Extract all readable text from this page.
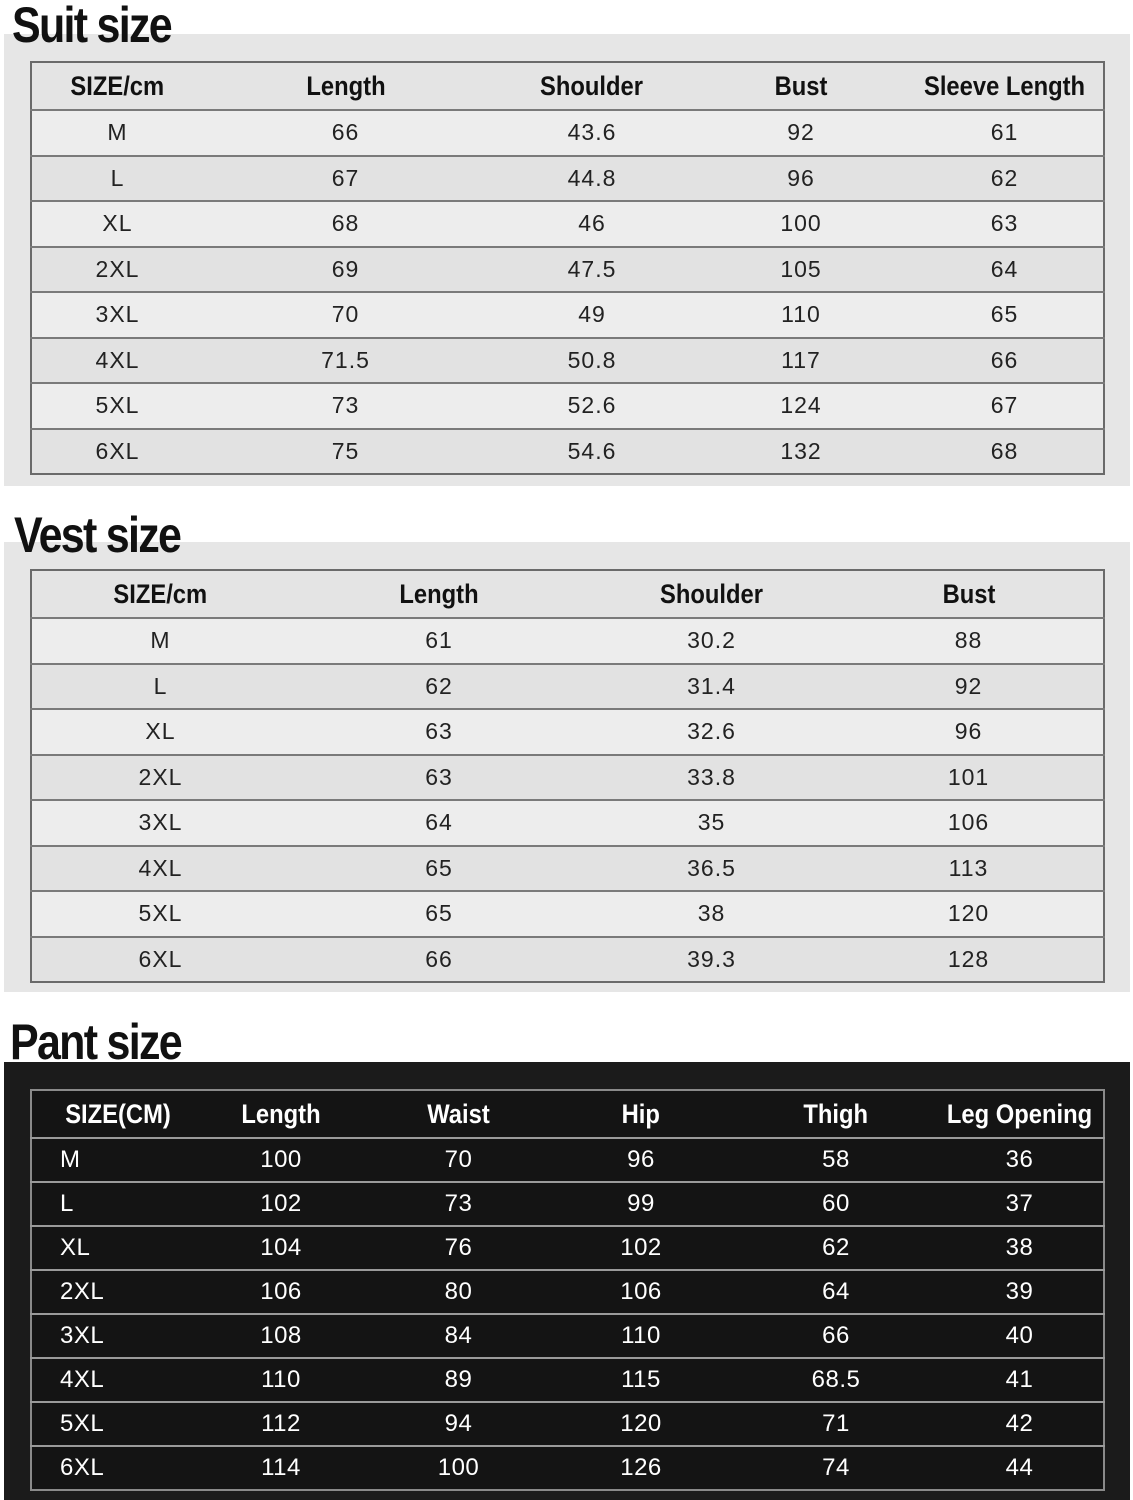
Suit size
SIZE/cm	Length	Shoulder	Bust	Sleeve Length
M	66	43.6	92	61
L	67	44.8	96	62
XL	68	46	100	63
2XL	69	47.5	105	64
3XL	70	49	110	65
4XL	71.5	50.8	117	66
5XL	73	52.6	124	67
6XL	75	54.6	132	68
Vest size
SIZE/cm	Length	Shoulder	Bust
M	61	30.2	88
L	62	31.4	92
XL	63	32.6	96
2XL	63	33.8	101
3XL	64	35	106
4XL	65	36.5	113
5XL	65	38	120
6XL	66	39.3	128
Pant size
SIZE(CM)	Length	Waist	Hip	Thigh	Leg Opening
M	100	70	96	58	36
L	102	73	99	60	37
XL	104	76	102	62	38
2XL	106	80	106	64	39
3XL	108	84	110	66	40
4XL	110	89	115	68.5	41
5XL	112	94	120	71	42
6XL	114	100	126	74	44
